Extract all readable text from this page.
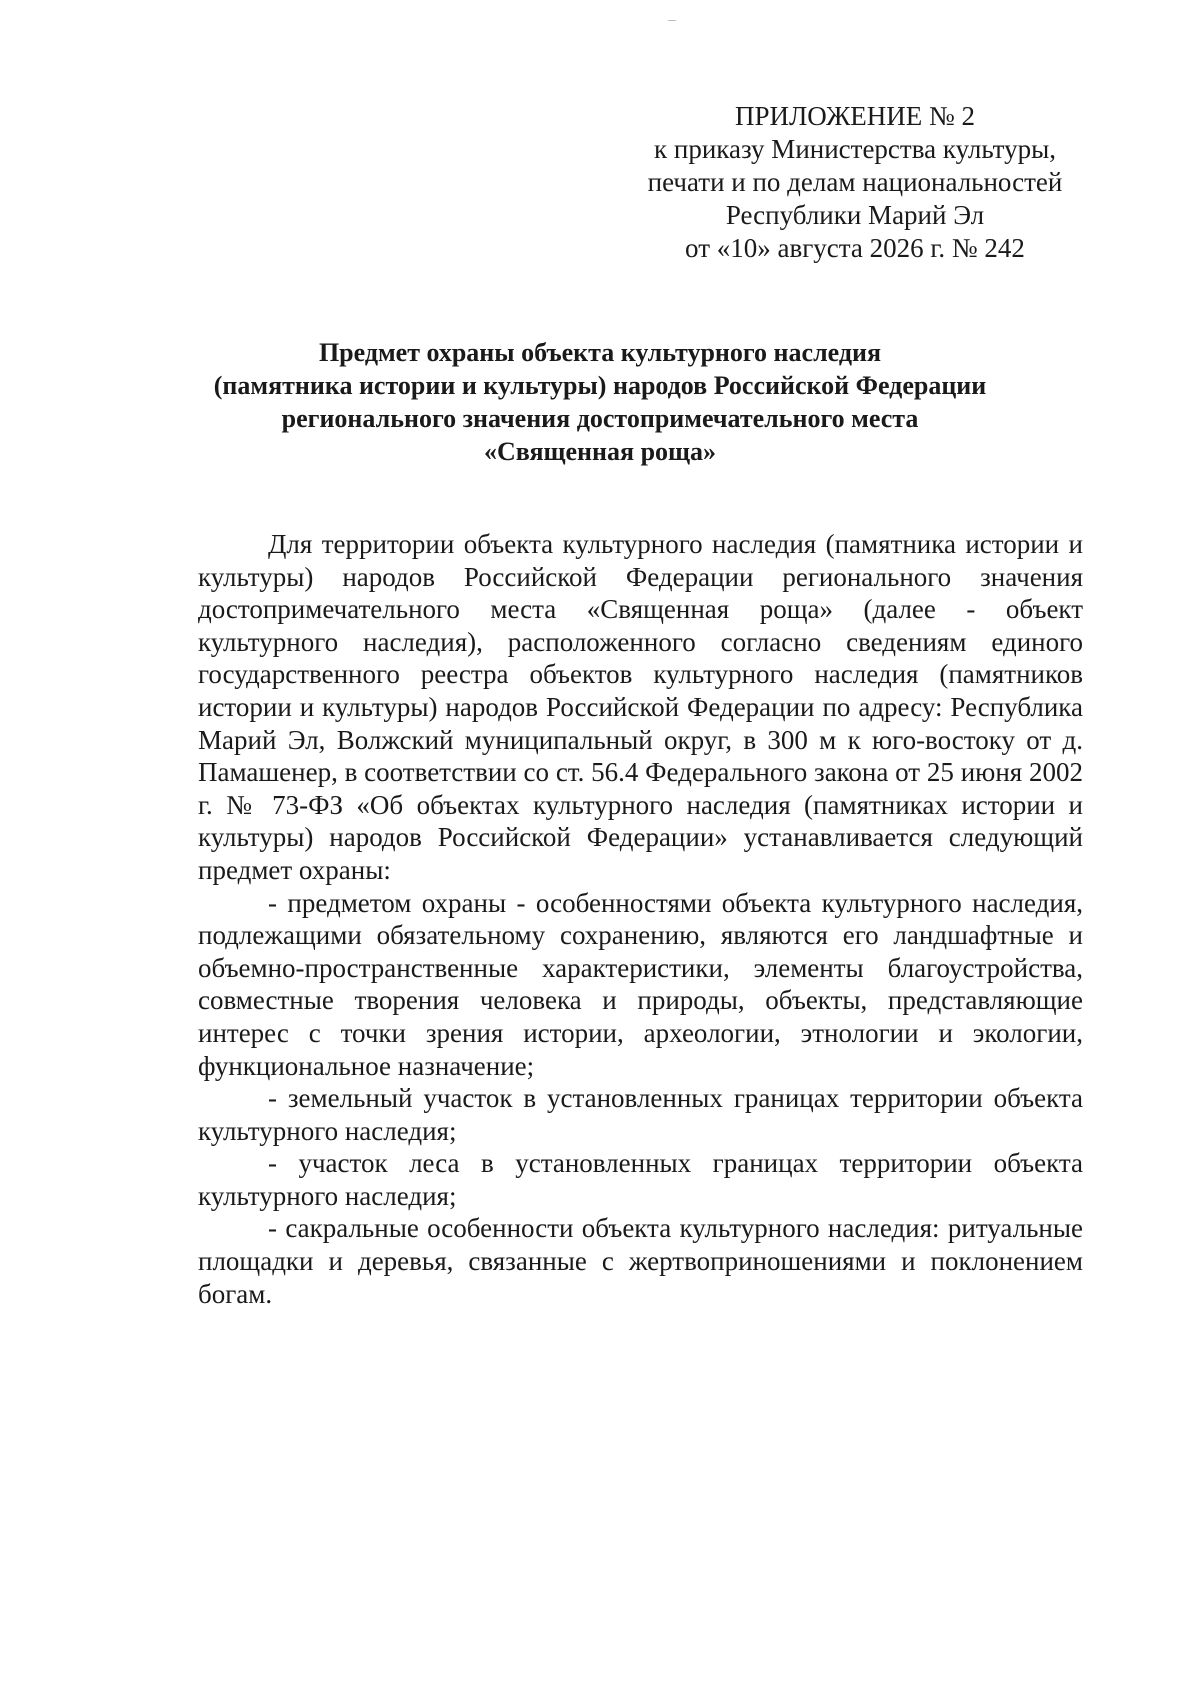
ПРИЛОЖЕНИЕ № 2
к приказу Министерства культуры,
печати и по делам национальностей
Республики Марий Эл
от «10» августа 2026 г. № 242
Предмет охраны объекта культурного наследия
(памятника истории и культуры) народов Российской Федерации
регионального значения достопримечательного места
«Священная роща»

Для территории объекта культурного наследия (памятника истории и культуры) народов Российской Федерации регионального значения достопримечательного места «Священная роща» (далее - объект культурного наследия), расположенного согласно сведениям единого государственного реестра объектов культурного наследия (памятников истории и культуры) народов Российской Федерации по адресу: Республика Марий Эл, Волжский муниципальный округ, в 300 м к юго-востоку от д. Памашенер, в соответствии со ст. 56.4 Федерального закона от 25 июня 2002 г. № 73-ФЗ «Об объектах культурного наследия (памятниках истории и культуры) народов Российской Федерации» устанавливается следующий предмет охраны:

- предметом охраны - особенностями объекта культурного наследия, подлежащими обязательному сохранению, являются его ландшафтные и объемно-пространственные характеристики, элементы благоустройства, совместные творения человека и природы, объекты, представляющие интерес с точки зрения истории, археологии, этнологии и экологии, функциональное назначение;

- земельный участок в установленных границах территории объекта культурного наследия;

- участок леса в установленных границах территории объекта культурного наследия;

- сакральные особенности объекта культурного наследия: ритуальные площадки и деревья, связанные с жертвоприношениями и поклонением богам.
